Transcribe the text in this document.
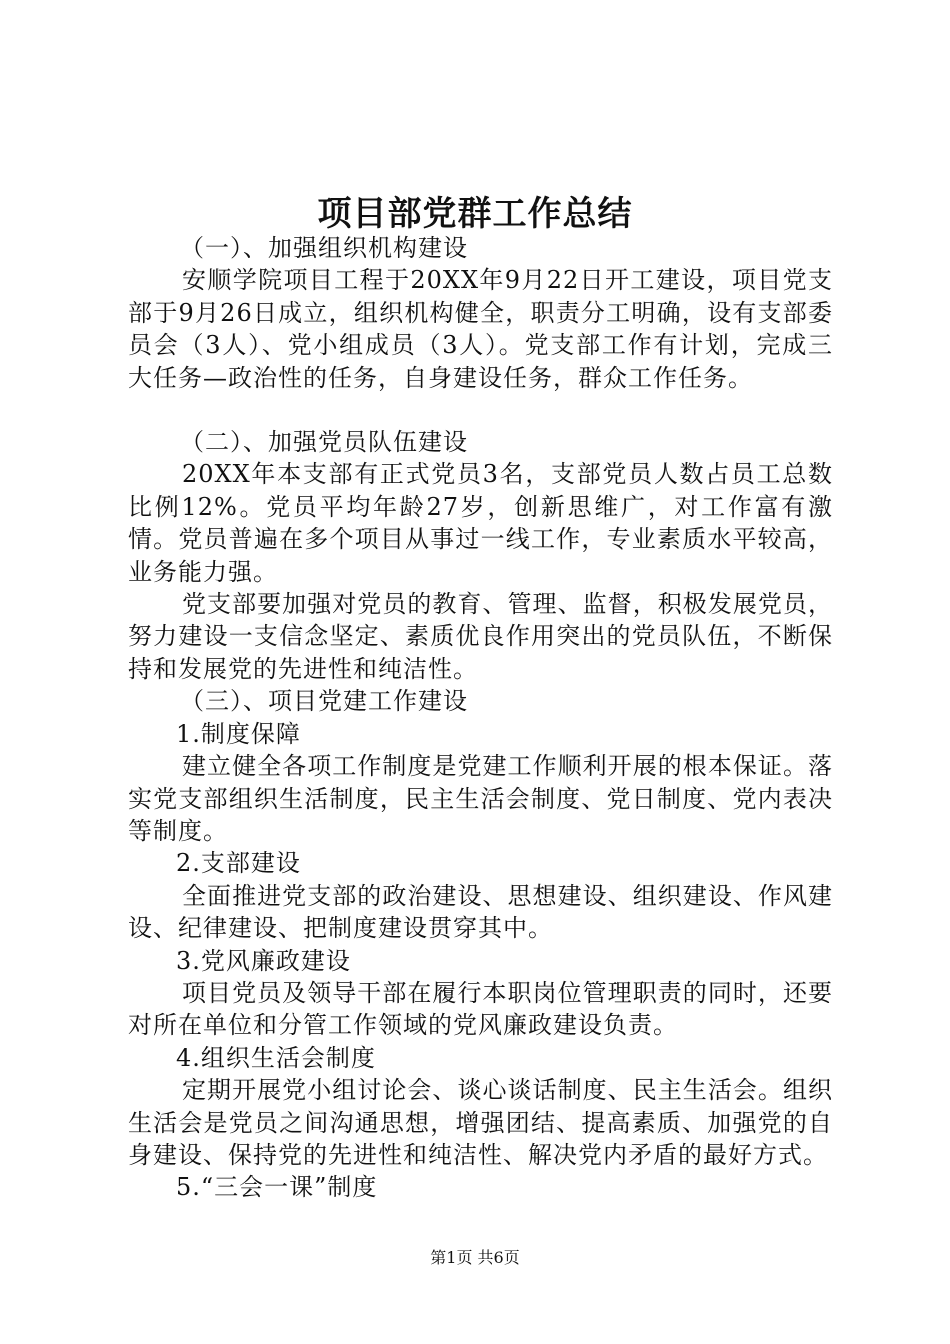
项目部党群工作总结

（一）、加强组织机构建设

安顺学院项目工程于20XX年9月22日开工建设，项目党支部于9月26日成立，组织机构健全，职责分工明确，设有支部委员会（3人）、党小组成员（3人）。党支部工作有计划，完成三大任务—政治性的任务，自身建设任务，群众工作任务。

（二）、加强党员队伍建设

20XX年本支部有正式党员3名，支部党员人数占员工总数比例12%。党员平均年龄27岁，创新思维广，对工作富有激情。党员普遍在多个项目从事过一线工作，专业素质水平较高，业务能力强。

党支部要加强对党员的教育、管理、监督，积极发展党员，努力建设一支信念坚定、素质优良作用突出的党员队伍，不断保持和发展党的先进性和纯洁性。

（三）、项目党建工作建设

1.制度保障

建立健全各项工作制度是党建工作顺利开展的根本保证。落实党支部组织生活制度，民主生活会制度、党日制度、党内表决等制度。

2.支部建设

全面推进党支部的政治建设、思想建设、组织建设、作风建设、纪律建设、把制度建设贯穿其中。

3.党风廉政建设

项目党员及领导干部在履行本职岗位管理职责的同时，还要对所在单位和分管工作领域的党风廉政建设负责。

4.组织生活会制度

定期开展党小组讨论会、谈心谈话制度、民主生活会。组织生活会是党员之间沟通思想，增强团结、提高素质、加强党的自身建设、保持党的先进性和纯洁性、解决党内矛盾的最好方式。

5.“三会一课”制度

第1页 共6页
